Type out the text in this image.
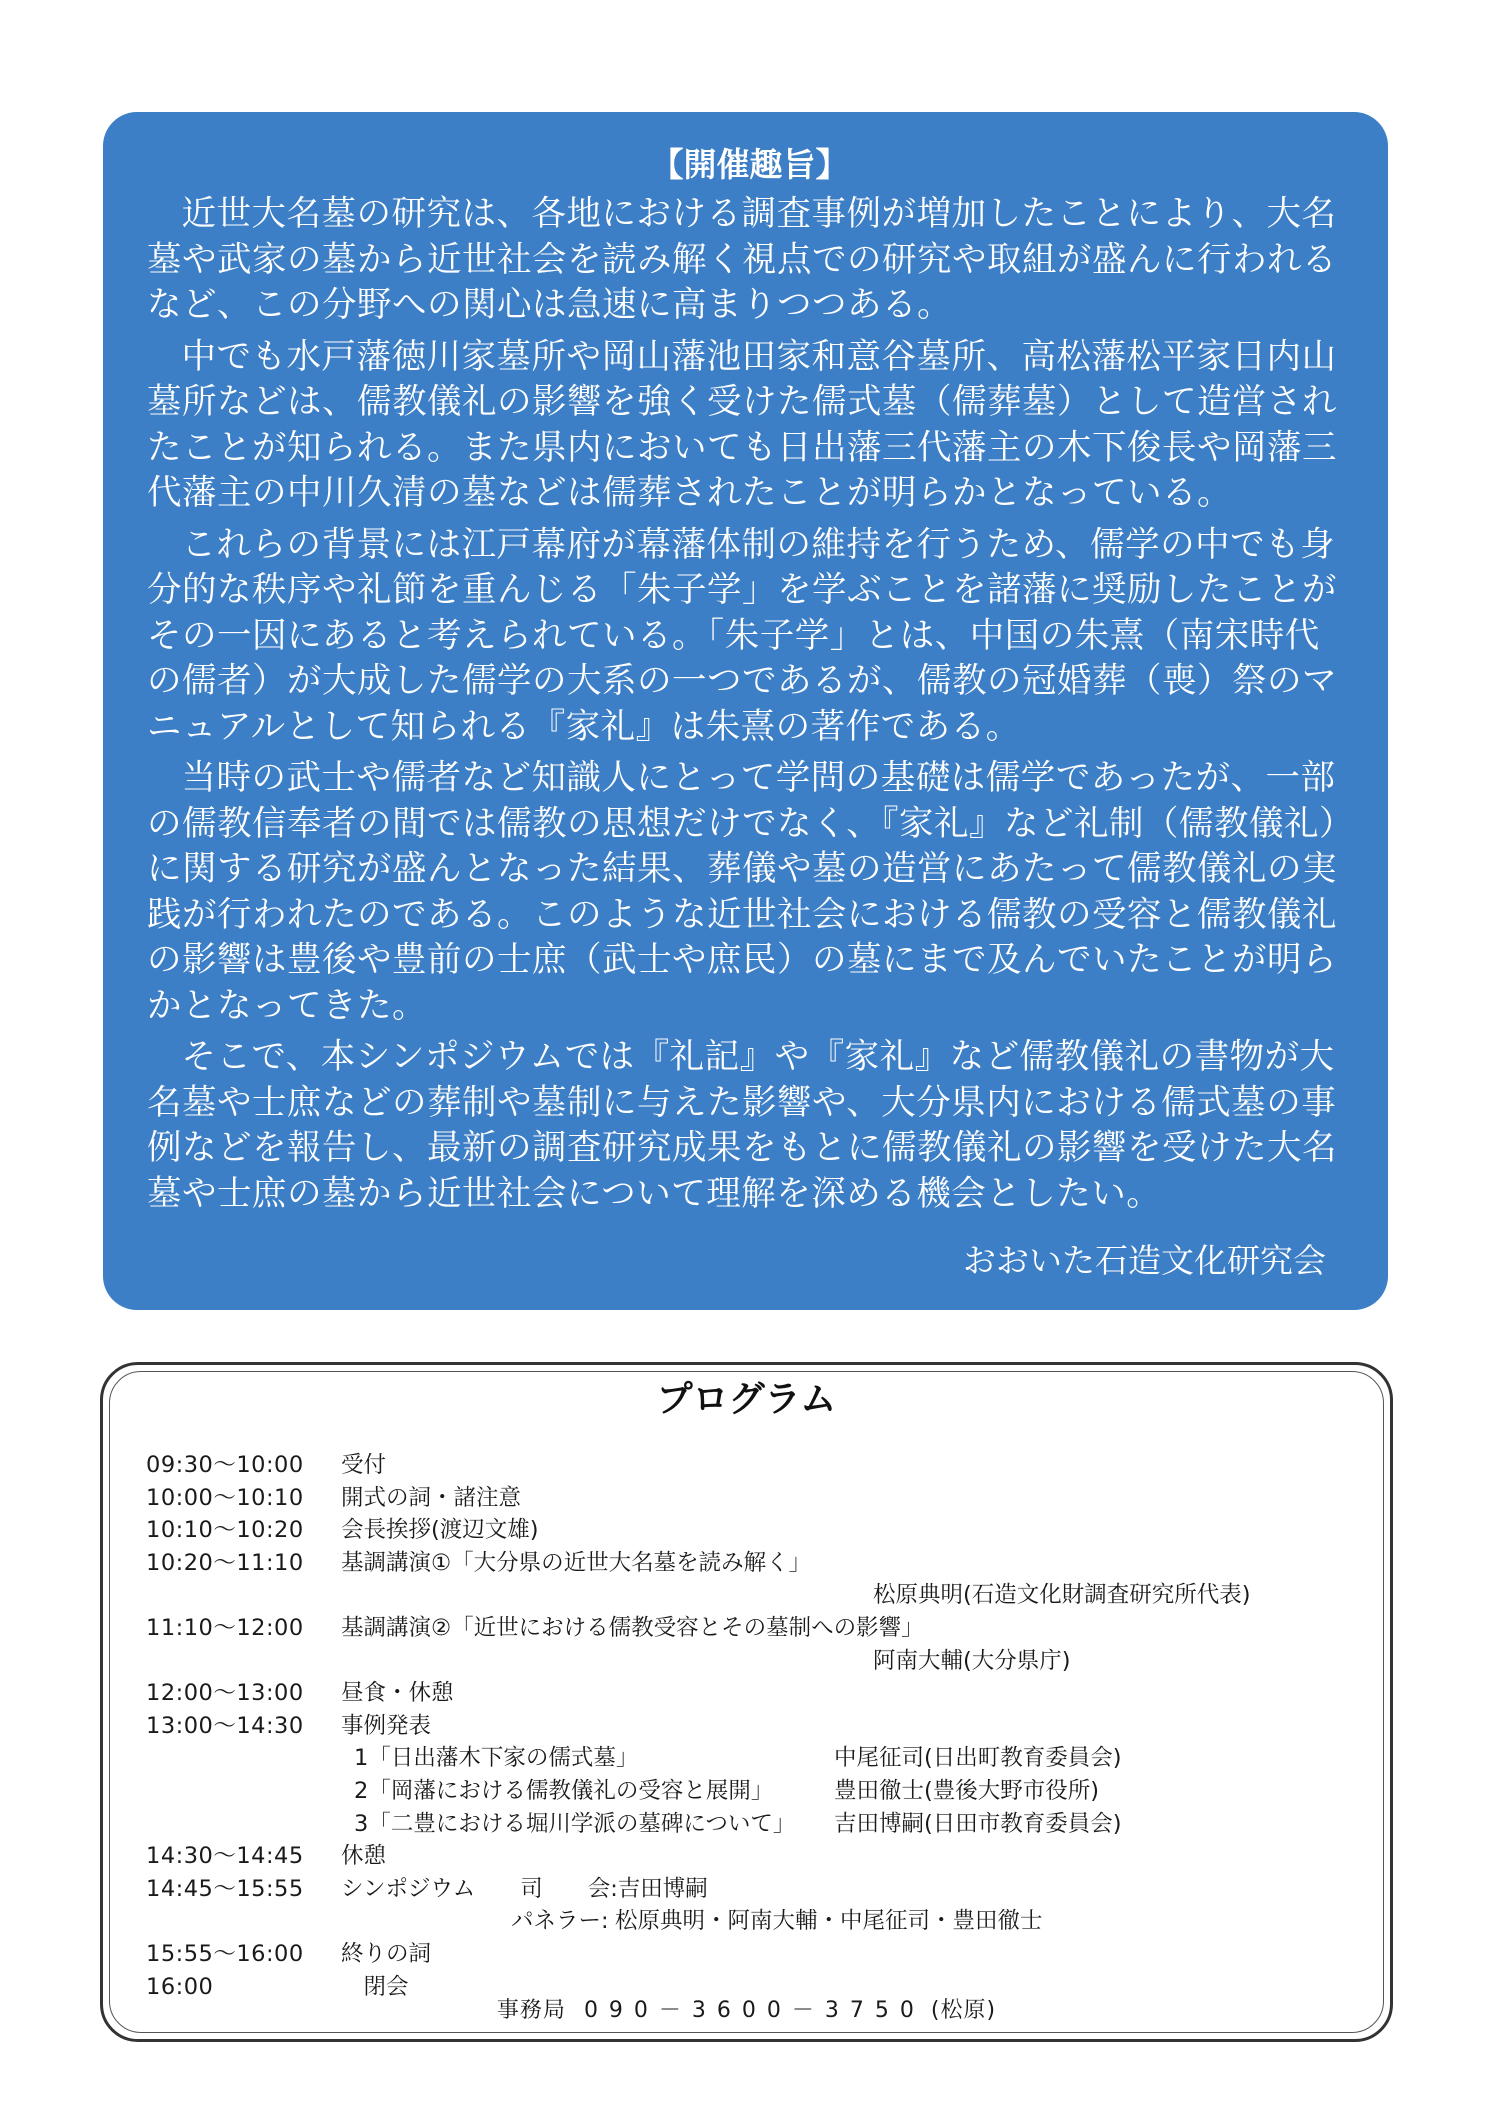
【開催趣旨】

近世大名墓の研究は、各地における調査事例が増加したことにより、大名墓や武家の墓から近世社会を読み解く視点での研究や取組が盛んに行われるなど、この分野への関心は急速に高まりつつある。

中でも水戸藩徳川家墓所や岡山藩池田家和意谷墓所、高松藩松平家日内山墓所などは、儒教儀礼の影響を強く受けた儒式墓（儒葬墓）として造営されたことが知られる。また県内においても日出藩三代藩主の木下俊長や岡藩三代藩主の中川久清の墓などは儒葬されたことが明らかとなっている。

これらの背景には江戸幕府が幕藩体制の維持を行うため、儒学の中でも身分的な秩序や礼節を重んじる「朱子学」を学ぶことを諸藩に奨励したことがその一因にあると考えられている。「朱子学」とは、中国の朱熹（南宋時代の儒者）が大成した儒学の大系の一つであるが、儒教の冠婚葬（喪）祭のマニュアルとして知られる『家礼』は朱熹の著作である。

当時の武士や儒者など知識人にとって学問の基礎は儒学であったが、一部の儒教信奉者の間では儒教の思想だけでなく、『家礼』など礼制（儒教儀礼）に関する研究が盛んとなった結果、葬儀や墓の造営にあたって儒教儀礼の実践が行われたのである。このような近世社会における儒教の受容と儒教儀礼の影響は豊後や豊前の士庶（武士や庶民）の墓にまで及んでいたことが明らかとなってきた。

そこで、本シンポジウムでは『礼記』や『家礼』など儒教儀礼の書物が大名墓や士庶などの葬制や墓制に与えた影響や、大分県内における儒式墓の事例などを報告し、最新の調査研究成果をもとに儒教儀礼の影響を受けた大名墓や士庶の墓から近世社会について理解を深める機会としたい。

おおいた石造文化研究会
プログラム
09:30～10:00	受付
10:00～10:10	開式の詞・諸注意
10:10～10:20	会長挨拶(渡辺文雄)
10:20～11:10	基調講演①「大分県の近世大名墓を読み解く」
松原典明(石造文化財調査研究所代表)
11:10～12:00	基調講演②「近世における儒教受容とその墓制への影響」
阿南大輔(大分県庁)
12:00～13:00	昼食・休憩
13:00～14:30	事例発表
1「日出藩木下家の儒式墓」	中尾征司(日出町教育委員会)
2「岡藩における儒教儀礼の受容と展開」	豊田徹士(豊後大野市役所)
3「二豊における堀川学派の墓碑について」	吉田博嗣(日田市教育委員会)
14:30～14:45	休憩
14:45～15:55	シンポジウム　　司　　会:吉田博嗣
パネラー: 松原典明・阿南大輔・中尾征司・豊田徹士
15:55～16:00	終りの詞
16:00	　閉会
事務局 090－3600－3750 (松原)
